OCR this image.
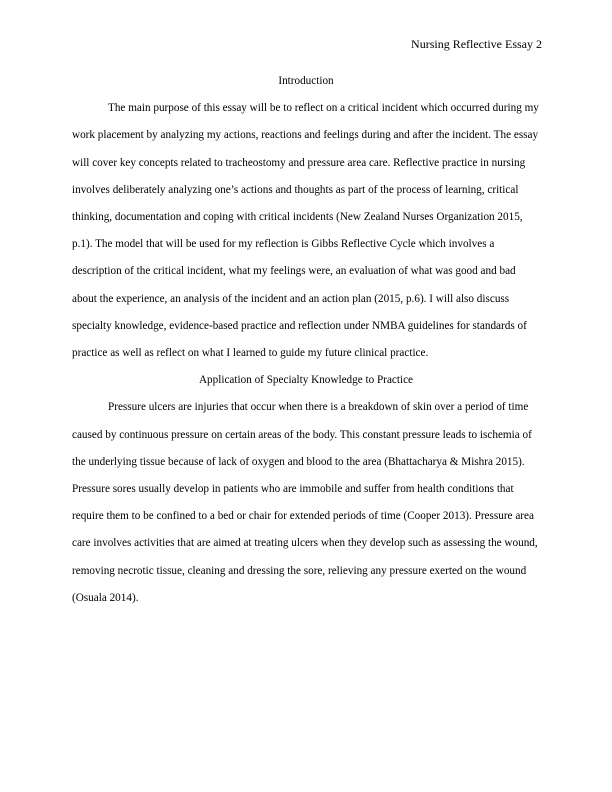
Nursing Reflective Essay 2
Introduction

The main purpose of this essay will be to reflect on a critical incident which occurred during my work placement by analyzing my actions, reactions and feelings during and after the incident. The essay will cover key concepts related to tracheostomy and pressure area care. Reflective practice in nursing involves deliberately analyzing one’s actions and thoughts as part of the process of learning, critical thinking, documentation and coping with critical incidents (New Zealand Nurses Organization 2015, p.1). The model that will be used for my reflection is Gibbs Reflective Cycle which involves a description of the critical incident, what my feelings were, an evaluation of what was good and bad about the experience, an analysis of the incident and an action plan (2015, p.6). I will also discuss specialty knowledge, evidence-based practice and reflection under NMBA guidelines for standards of practice as well as reflect on what I learned to guide my future clinical practice.

Application of Specialty Knowledge to Practice

Pressure ulcers are injuries that occur when there is a breakdown of skin over a period of time caused by continuous pressure on certain areas of the body. This constant pressure leads to ischemia of the underlying tissue because of lack of oxygen and blood to the area (Bhattacharya & Mishra 2015). Pressure sores usually develop in patients who are immobile and suffer from health conditions that require them to be confined to a bed or chair for extended periods of time (Cooper 2013). Pressure area care involves activities that are aimed at treating ulcers when they develop such as assessing the wound, removing necrotic tissue, cleaning and dressing the sore, relieving any pressure exerted on the wound (Osuala 2014).
